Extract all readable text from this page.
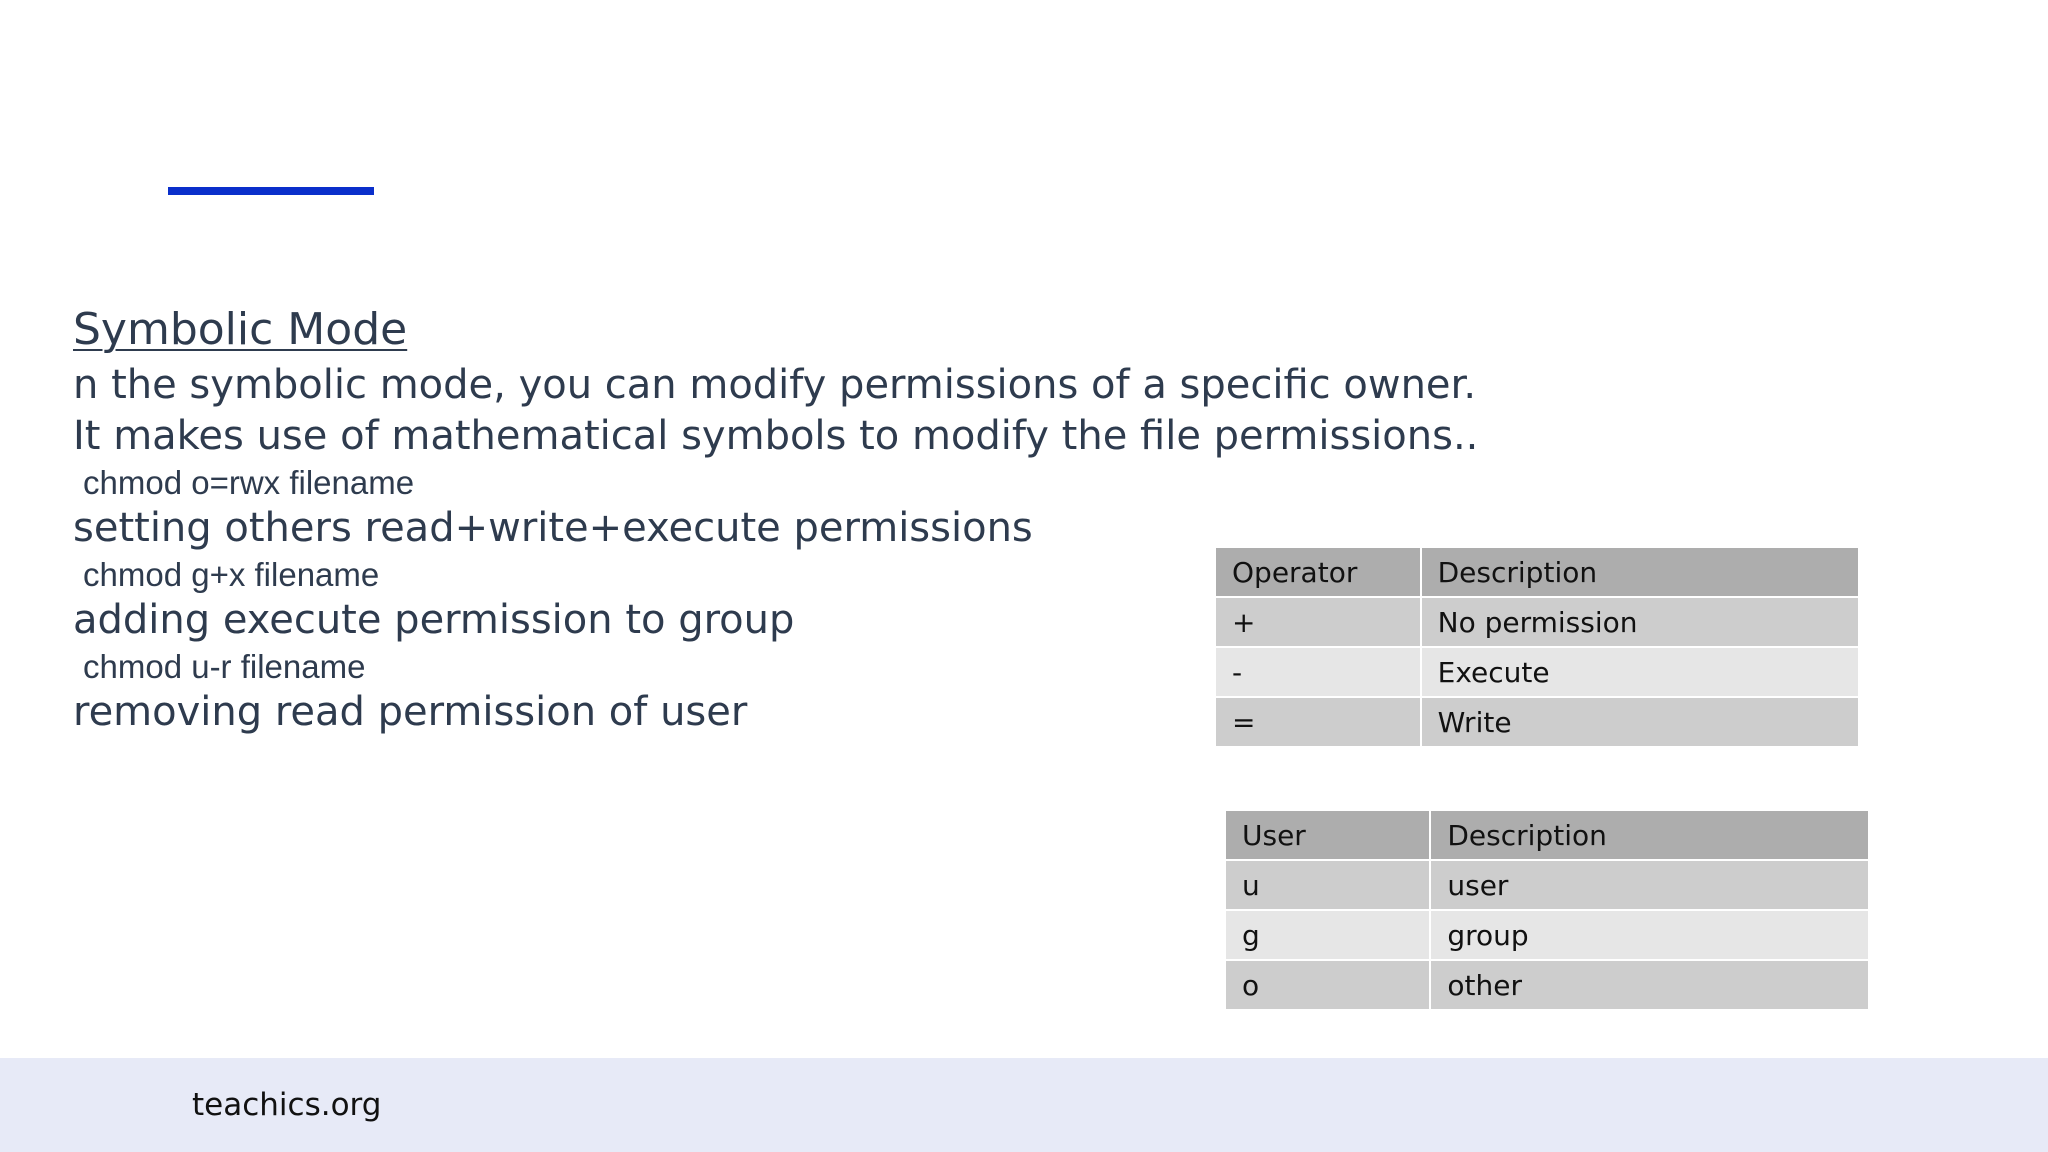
Symbolic Mode
n the symbolic mode, you can modify permissions of a specific owner.
It makes use of mathematical symbols to modify the file permissions..
chmod o=rwx filename
setting others read+write+execute permissions
chmod g+x filename
adding execute permission to group
chmod u-r filename
removing read permission of user
Operator	Description
+	No permission
-	Execute
=	Write
User	Description
u	user
g	group
o	other
teachics.org
